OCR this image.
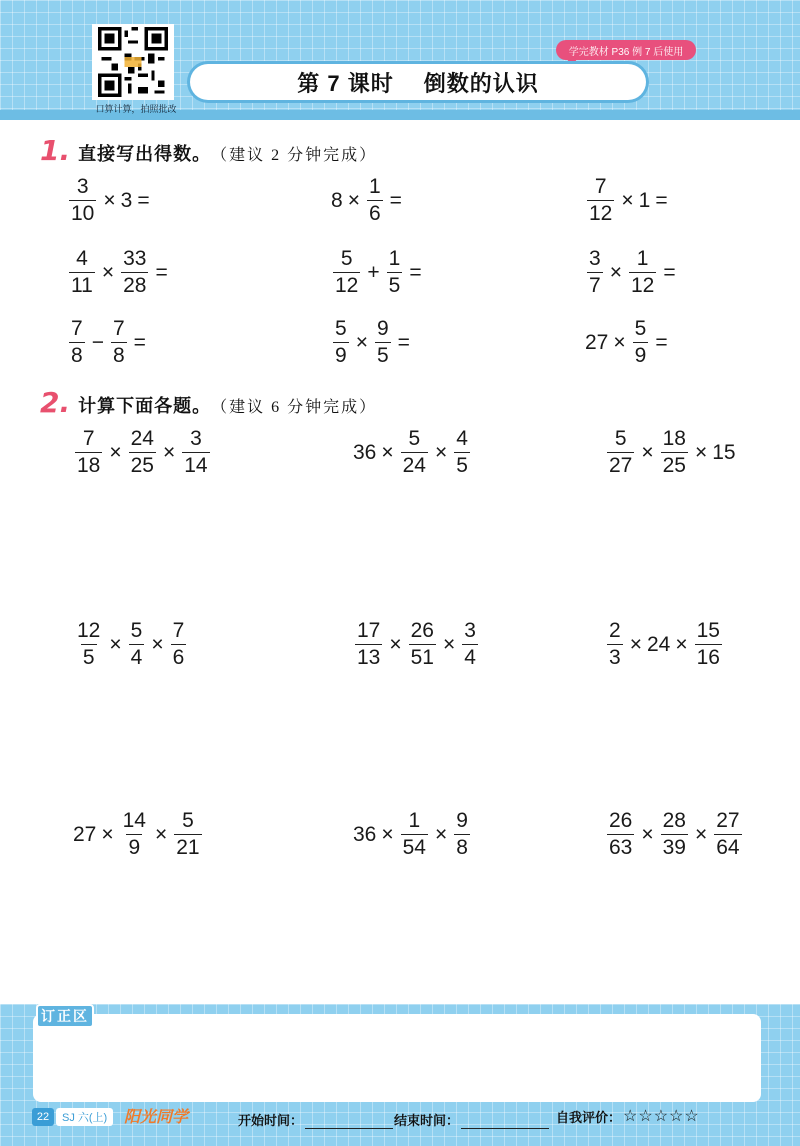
口算计算，拍照批改
学完教材 P36 例 7 后使用
第 7 课时 倒数的认识
1. 直接写出得数。 （建议 2 分钟完成）
$\frac{3}{10} \times 3$ =	$8 \times \frac{1}{6}$ =	$\frac{7}{12} \times 1$ =
$\frac{4}{11} \times \frac{33}{28}$ =	$\frac{5}{12} + \frac{1}{5}$ =	$\frac{3}{7} \times \frac{1}{12}$ =
$\frac{7}{8} - \frac{7}{8}$ =	$\frac{5}{9} \times \frac{9}{5}$ =	$27 \times \frac{5}{9}$ =
2. 计算下面各题。 （建议 6 分钟完成）
$\frac{7}{18} \times \frac{24}{25} \times \frac{3}{14}$	$36 \times \frac{5}{24} \times \frac{4}{5}$	$\frac{5}{27} \times \frac{18}{25} \times 15$
$\frac{12}{5} \times \frac{5}{4} \times \frac{7}{6}$	$\frac{17}{13} \times \frac{26}{51} \times \frac{3}{4}$	$\frac{2}{3} \times 24 \times \frac{15}{16}$
$27 \times \frac{14}{9} \times \frac{5}{21}$	$36 \times \frac{1}{54} \times \frac{9}{8}$	$\frac{26}{63} \times \frac{28}{39} \times \frac{27}{64}$
订正区
22	SJ 六(上)	阳光同学	开始时间：	结束时间：	自我评价： ☆☆☆☆☆
